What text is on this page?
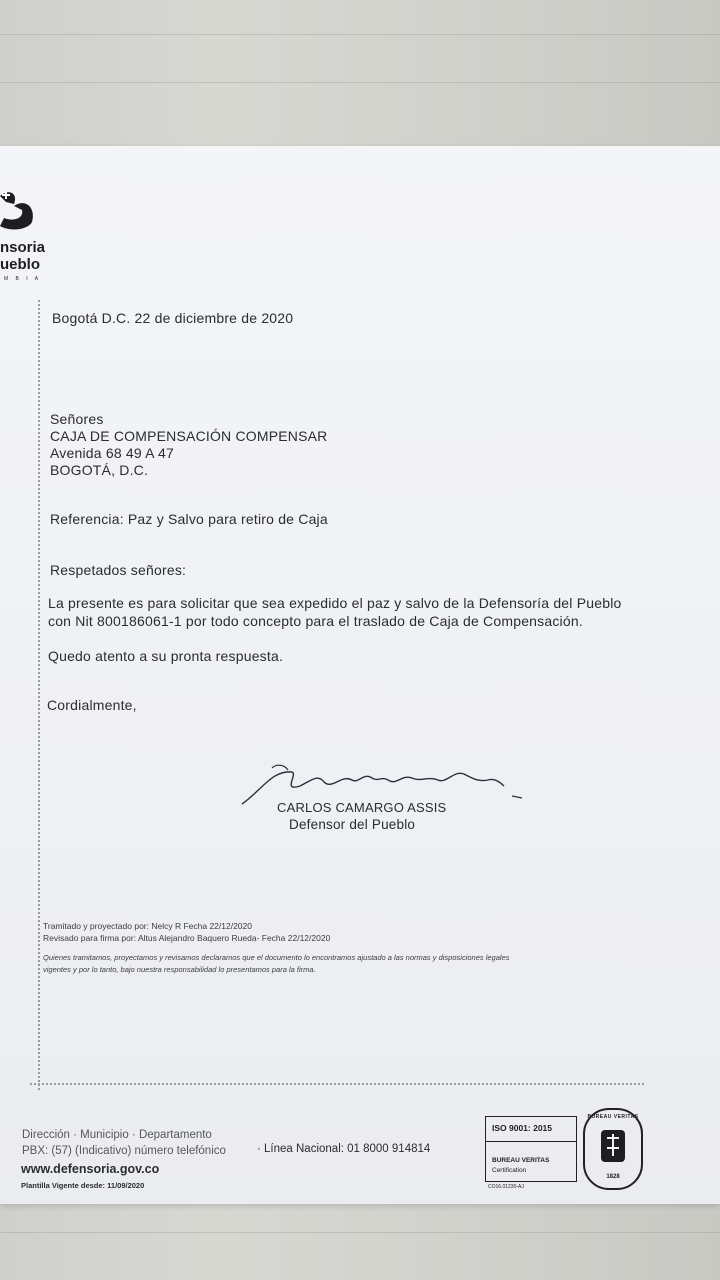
nsoria
ueblo
M B I A

Bogotá D.C. 22 de diciembre de 2020

Señores
CAJA DE COMPENSACIÓN COMPENSAR
Avenida 68 49 A 47
BOGOTÁ, D.C.

Referencia: Paz y Salvo para retiro de Caja

Respetados señores:

La presente es para solicitar que sea expedido el paz y salvo de la Defensoría del Pueblo
con Nit 800186061-1 por todo concepto para el traslado de Caja de Compensación.

Quedo atento a su pronta respuesta.

Cordialmente,

CARLOS CAMARGO ASSIS

Defensor del Pueblo

Tramitado y proyectado por: Nelcy R Fecha 22/12/2020

Revisado para firma por: Altus Alejandro Baquero Rueda- Fecha 22/12/2020

Quienes tramitamos, proyectamos y revisamos declaramos que el documento lo encontramos ajustado a las normas y disposiciones legales

vigentes y por lo tanto, bajo nuestra responsabilidad lo presentamos para la firma.

Dirección · Municipio · Departamento

PBX: (57) (Indicativo) número telefónico	· Línea Nacional: 01 8000 914814

www.defensoria.gov.co

Plantilla Vigente desde: 11/09/2020

ISO 9001: 2015
BUREAU VERITAS
Certification

CO16.01230-AJ

BUREAU VERITAS
1828
